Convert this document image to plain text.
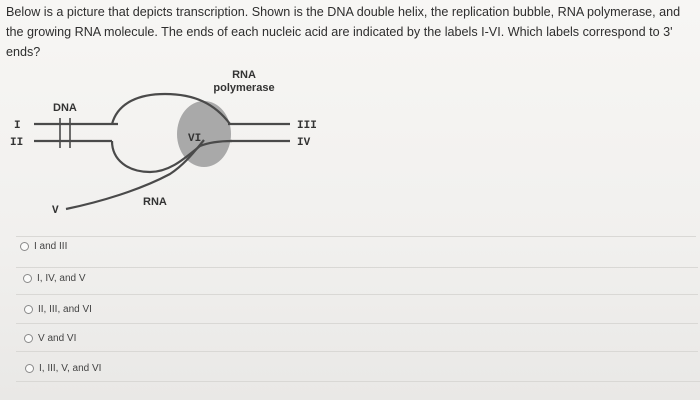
Below is a picture that depicts transcription. Shown is the DNA double helix, the replication bubble, RNA polymerase, and the growing RNA molecule. The ends of each nucleic acid are indicated by the labels I-VI. Which labels correspond to 3' ends?
DNA
RNA
polymerase
RNA
I
II
III
IV
V
VI
I and III
I, IV, and V
II, III, and VI
V and VI
I, III, V, and VI
